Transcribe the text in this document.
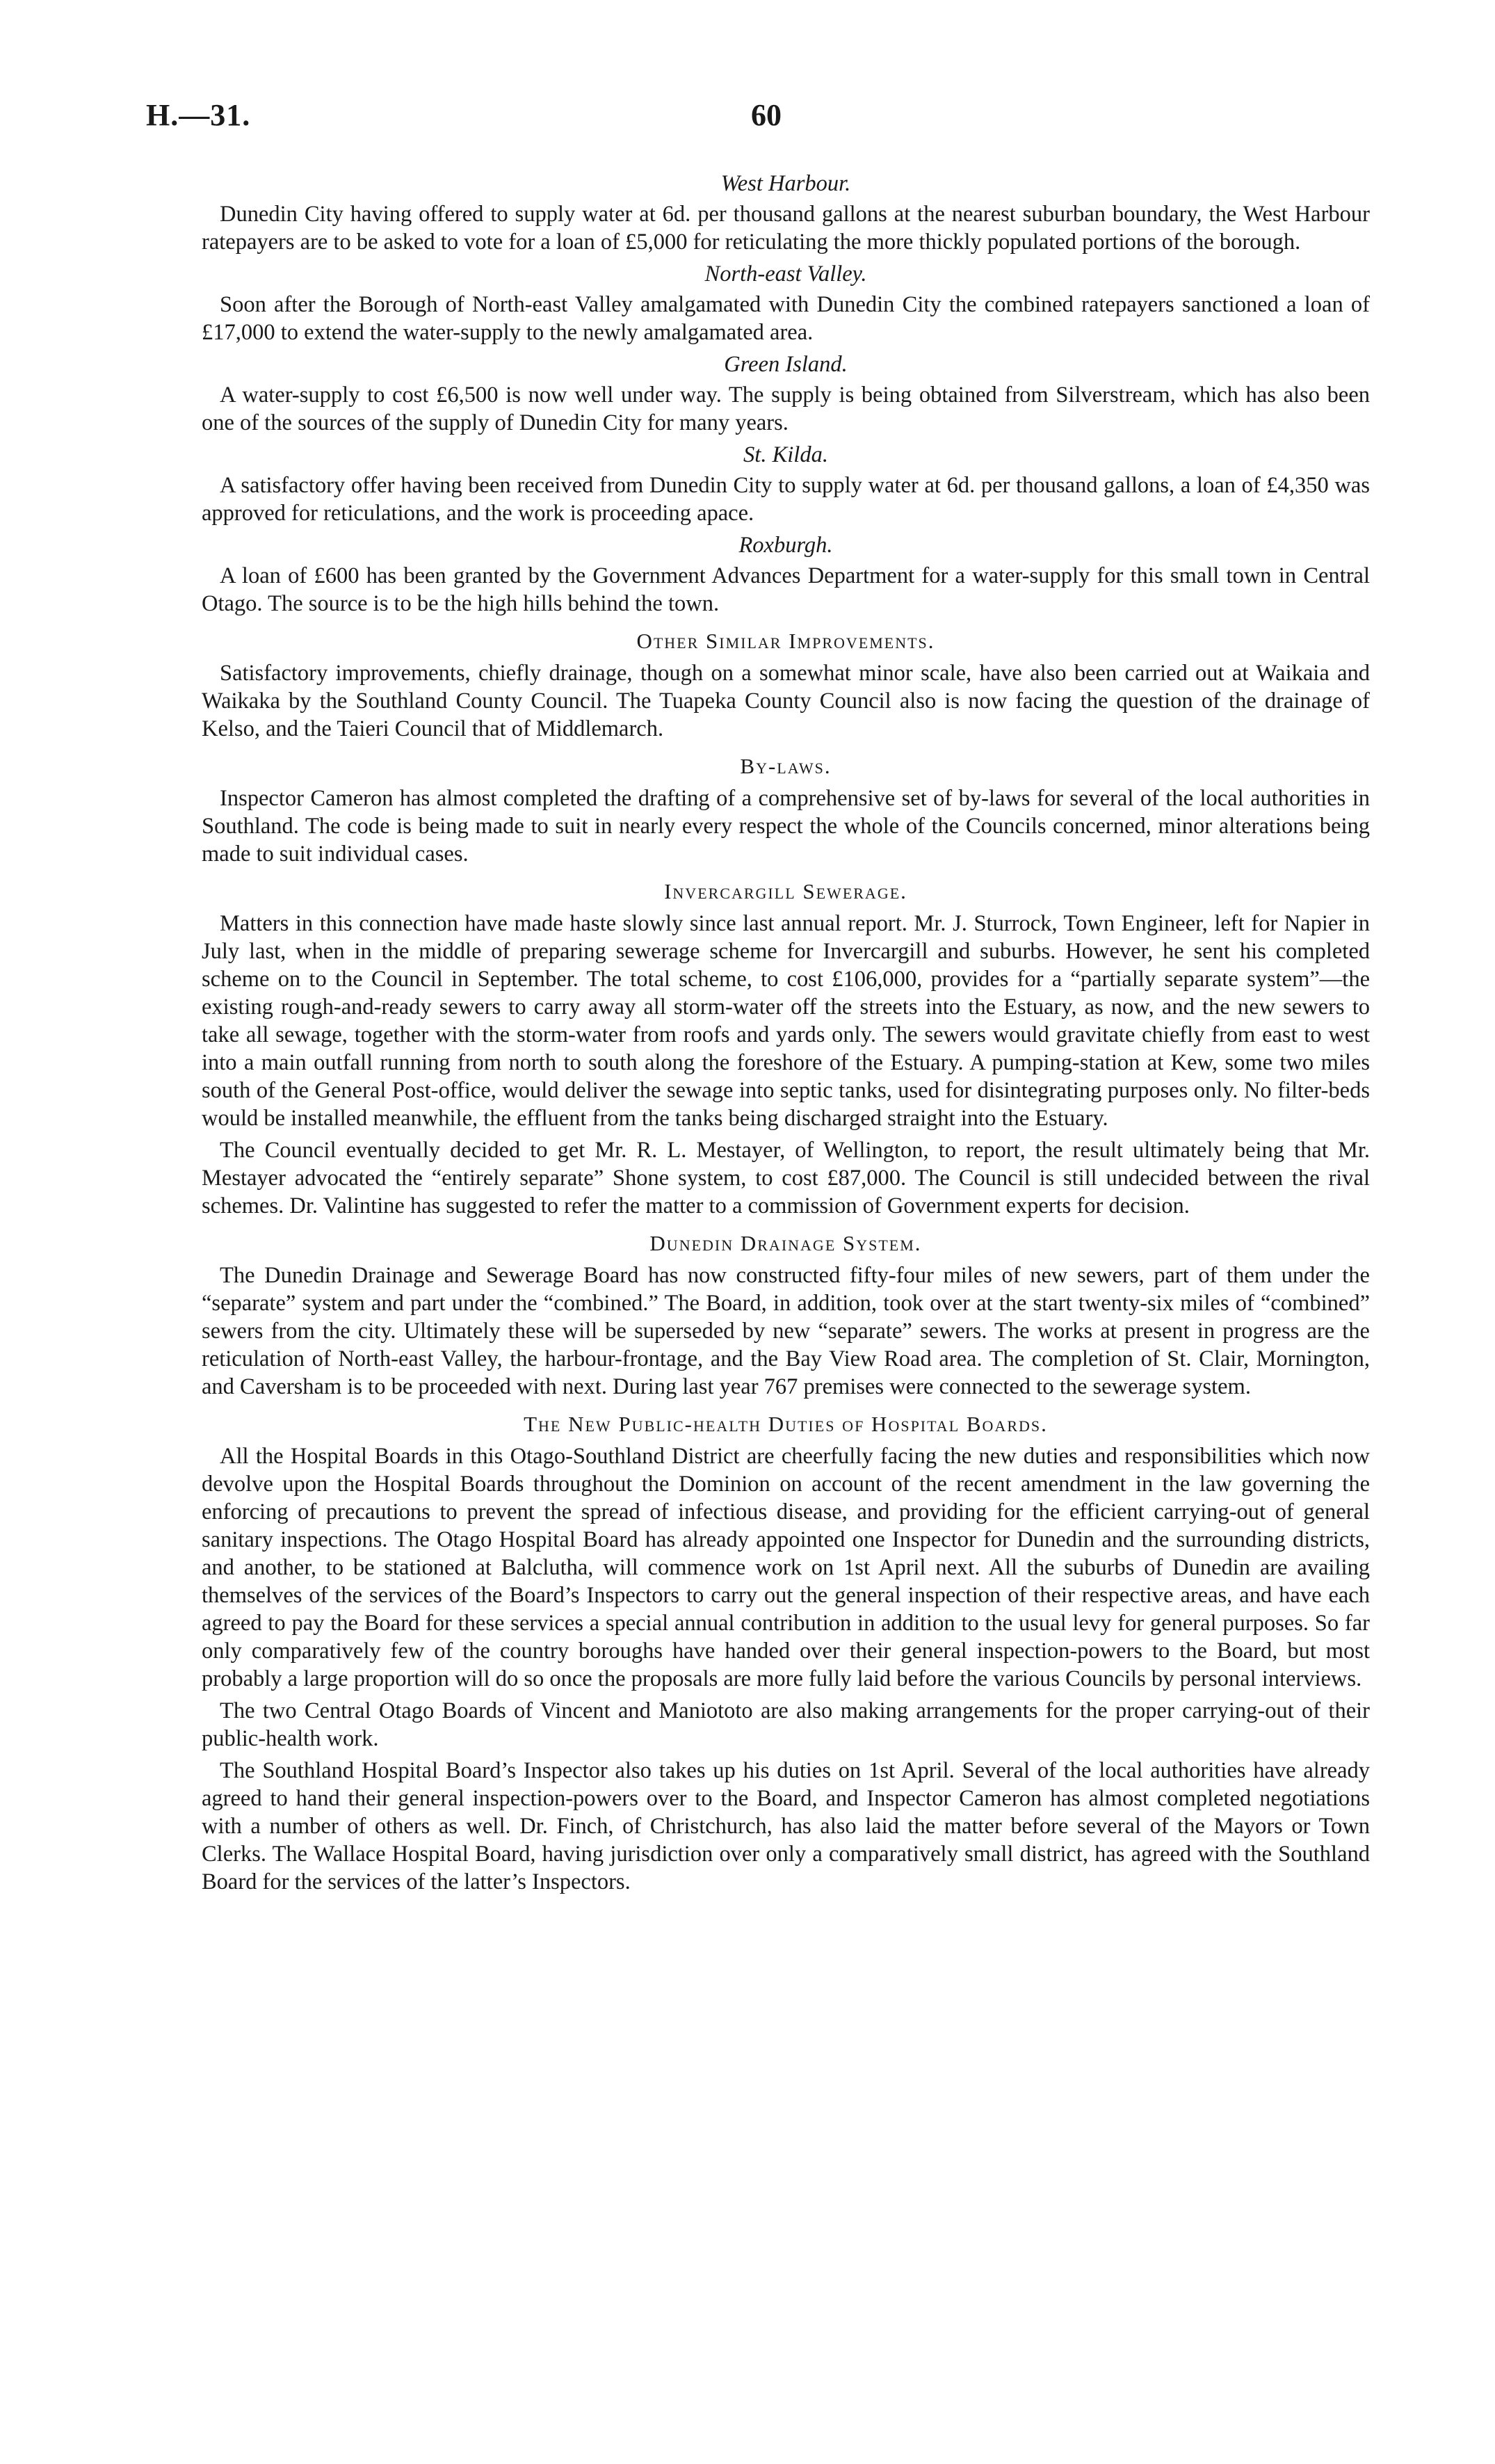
H.—31.	60
West Harbour.

Dunedin City having offered to supply water at 6d. per thousand gallons at the nearest suburban boundary, the West Harbour ratepayers are to be asked to vote for a loan of £5,000 for reticulating the more thickly populated portions of the borough.

North-east Valley.

Soon after the Borough of North-east Valley amalgamated with Dunedin City the combined ratepayers sanctioned a loan of £17,000 to extend the water-supply to the newly amalgamated area.

Green Island.

A water-supply to cost £6,500 is now well under way. The supply is being obtained from Silverstream, which has also been one of the sources of the supply of Dunedin City for many years.

St. Kilda.

A satisfactory offer having been received from Dunedin City to supply water at 6d. per thousand gallons, a loan of £4,350 was approved for reticulations, and the work is proceeding apace.

Roxburgh.

A loan of £600 has been granted by the Government Advances Department for a water-supply for this small town in Central Otago. The source is to be the high hills behind the town.

Other Similar Improvements.

Satisfactory improvements, chiefly drainage, though on a somewhat minor scale, have also been carried out at Waikaia and Waikaka by the Southland County Council. The Tuapeka County Council also is now facing the question of the drainage of Kelso, and the Taieri Council that of Middlemarch.

By-laws.

Inspector Cameron has almost completed the drafting of a comprehensive set of by-laws for several of the local authorities in Southland. The code is being made to suit in nearly every respect the whole of the Councils concerned, minor alterations being made to suit individual cases.

Invercargill Sewerage.

Matters in this connection have made haste slowly since last annual report. Mr. J. Sturrock, Town Engineer, left for Napier in July last, when in the middle of preparing sewerage scheme for Invercargill and suburbs. However, he sent his completed scheme on to the Council in September. The total scheme, to cost £106,000, provides for a “partially separate system”—the existing rough-and-ready sewers to carry away all storm-water off the streets into the Estuary, as now, and the new sewers to take all sewage, together with the storm-water from roofs and yards only. The sewers would gravitate chiefly from east to west into a main outfall running from north to south along the foreshore of the Estuary. A pumping-station at Kew, some two miles south of the General Post-office, would deliver the sewage into septic tanks, used for disintegrating purposes only. No filter-beds would be installed meanwhile, the effluent from the tanks being discharged straight into the Estuary.

The Council eventually decided to get Mr. R. L. Mestayer, of Wellington, to report, the result ultimately being that Mr. Mestayer advocated the “entirely separate” Shone system, to cost £87,000. The Council is still undecided between the rival schemes. Dr. Valintine has suggested to refer the matter to a commission of Government experts for decision.

Dunedin Drainage System.

The Dunedin Drainage and Sewerage Board has now constructed fifty-four miles of new sewers, part of them under the “separate” system and part under the “combined.” The Board, in addition, took over at the start twenty-six miles of “combined” sewers from the city. Ultimately these will be superseded by new “separate” sewers. The works at present in progress are the reticulation of North-east Valley, the harbour-frontage, and the Bay View Road area. The completion of St. Clair, Mornington, and Caversham is to be proceeded with next. During last year 767 premises were connected to the sewerage system.

The New Public-health Duties of Hospital Boards.

All the Hospital Boards in this Otago-Southland District are cheerfully facing the new duties and responsibilities which now devolve upon the Hospital Boards throughout the Dominion on account of the recent amendment in the law governing the enforcing of precautions to prevent the spread of infectious disease, and providing for the efficient carrying-out of general sanitary inspections. The Otago Hospital Board has already appointed one Inspector for Dunedin and the surrounding districts, and another, to be stationed at Balclutha, will commence work on 1st April next. All the suburbs of Dunedin are availing themselves of the services of the Board’s Inspectors to carry out the general inspection of their respective areas, and have each agreed to pay the Board for these services a special annual contribution in addition to the usual levy for general purposes. So far only comparatively few of the country boroughs have handed over their general inspection-powers to the Board, but most probably a large proportion will do so once the proposals are more fully laid before the various Councils by personal interviews.

The two Central Otago Boards of Vincent and Maniototo are also making arrangements for the proper carrying-out of their public-health work.

The Southland Hospital Board’s Inspector also takes up his duties on 1st April. Several of the local authorities have already agreed to hand their general inspection-powers over to the Board, and Inspector Cameron has almost completed negotiations with a number of others as well. Dr. Finch, of Christchurch, has also laid the matter before several of the Mayors or Town Clerks. The Wallace Hospital Board, having jurisdiction over only a comparatively small district, has agreed with the Southland Board for the services of the latter’s Inspectors.
